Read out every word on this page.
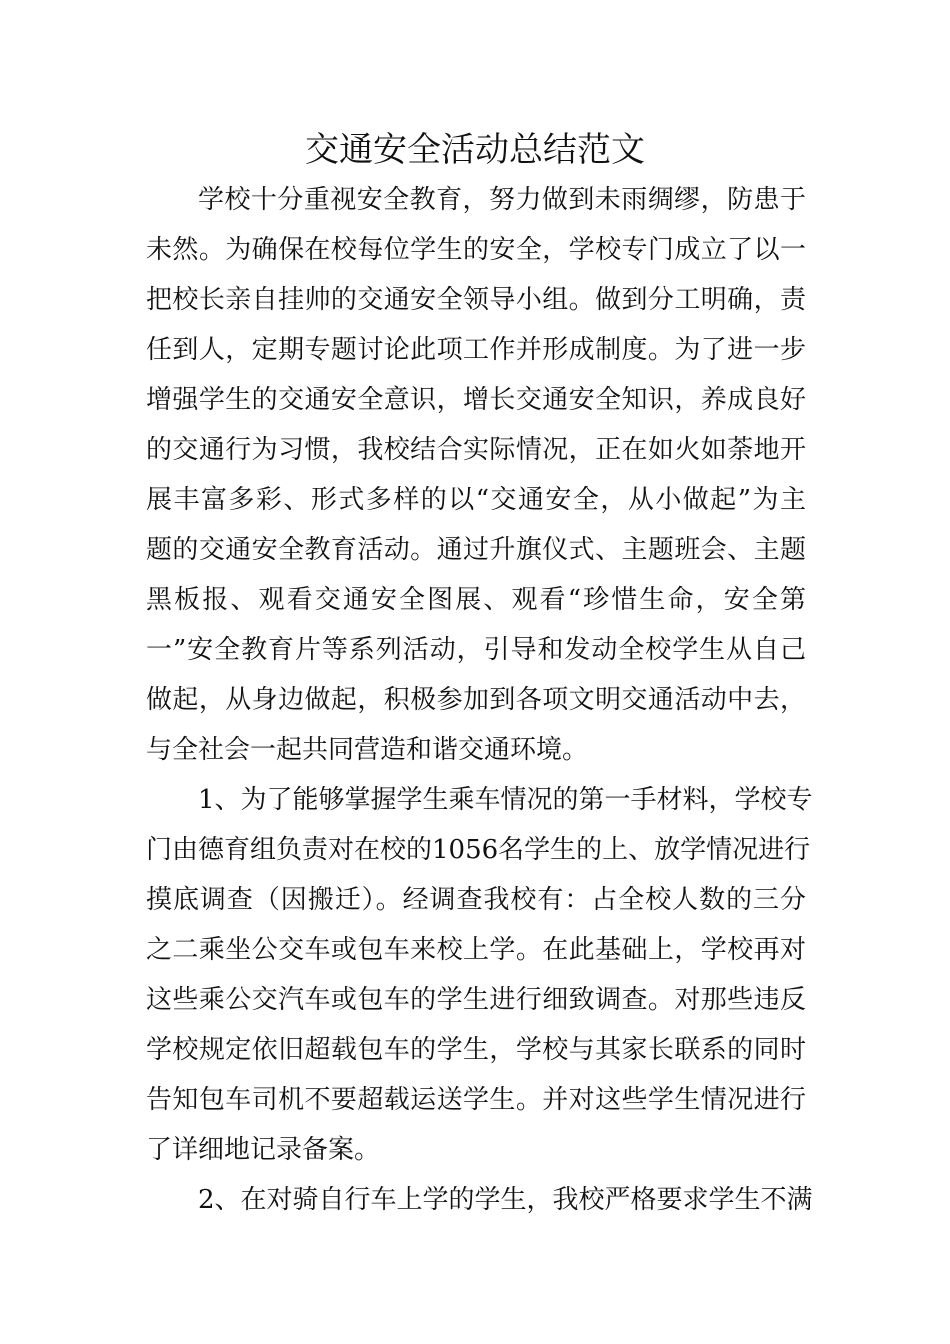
交通安全活动总结范文
学校十分重视安全教育，努力做到未雨绸缪，防患于
未然。为确保在校每位学生的安全，学校专门成立了以一
把校长亲自挂帅的交通安全领导小组。做到分工明确，责
任到人，定期专题讨论此项工作并形成制度。为了进一步
增强学生的交通安全意识，增长交通安全知识，养成良好
的交通行为习惯，我校结合实际情况，正在如火如荼地开
展丰富多彩、形式多样的以“交通安全，从小做起”为主
题的交通安全教育活动。通过升旗仪式、主题班会、主题
黑板报、观看交通安全图展、观看“珍惜生命，安全第
一”安全教育片等系列活动，引导和发动全校学生从自己
做起，从身边做起，积极参加到各项文明交通活动中去，
与全社会一起共同营造和谐交通环境。
1、为了能够掌握学生乘车情况的第一手材料，学校专
门由德育组负责对在校的1056名学生的上、放学情况进行
摸底调查（因搬迁）。经调查我校有：占全校人数的三分
之二乘坐公交车或包车来校上学。在此基础上，学校再对
这些乘公交汽车或包车的学生进行细致调查。对那些违反
学校规定依旧超载包车的学生，学校与其家长联系的同时
告知包车司机不要超载运送学生。并对这些学生情况进行
了详细地记录备案。
2、在对骑自行车上学的学生，我校严格要求学生不满
